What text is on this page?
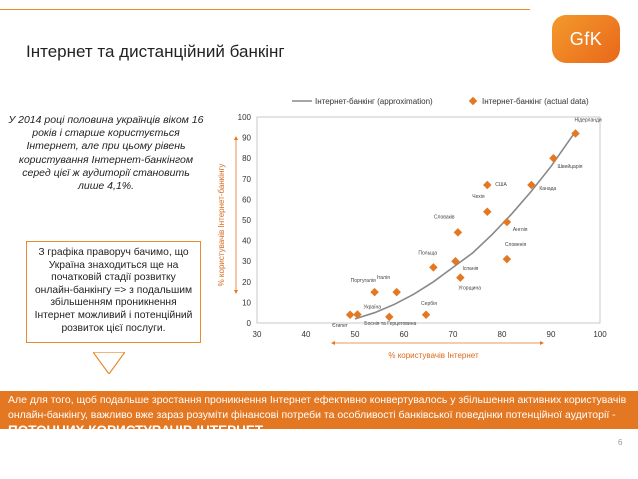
Інтернет та дистанційний банкінг
GfK
У 2014 році половина українців віком 16 років і старше користується Інтернет, але при цьому рівень користування Інтернет-банкінгом серед цієї ж аудиторії становить лише 4,1%.
З графіка праворуч бачимо, що Україна знаходиться ще на початковій стадії розвитку онлайн-банкінгу => з подальшим збільшенням проникнення Інтернет можливий і потенційний розвиток цієї послуги.
30	40	50	60	70	80	90	100
0
10
20
30
40
50
60
70
80
90
100
% користувачів Інтернет
% користувачів Інтернет-банкінгу
Єгипет
Україна
Португалія
Боснія та Герцеговина
Сербія
Італія
Польща
Іспанія
Угорщина
Словаків
Чехія
США
Англія
Словенія
Канада
Швейцарія
Нідерланди
Інтернет-банкінг (approximation)	Інтернет-банкінг (actual data)
Але для того, щоб подальше зростання проникнення Інтернет ефективно конвертувалось у збільшення активних користувачів онлайн-банкінгу, важливо вже зараз розуміти фінансові потреби та особливості банківської поведінки потенційної аудиторії - ПОТОЧНИХ КОРИСТУВАЧІВ ІНТЕРНЕТ.
6
